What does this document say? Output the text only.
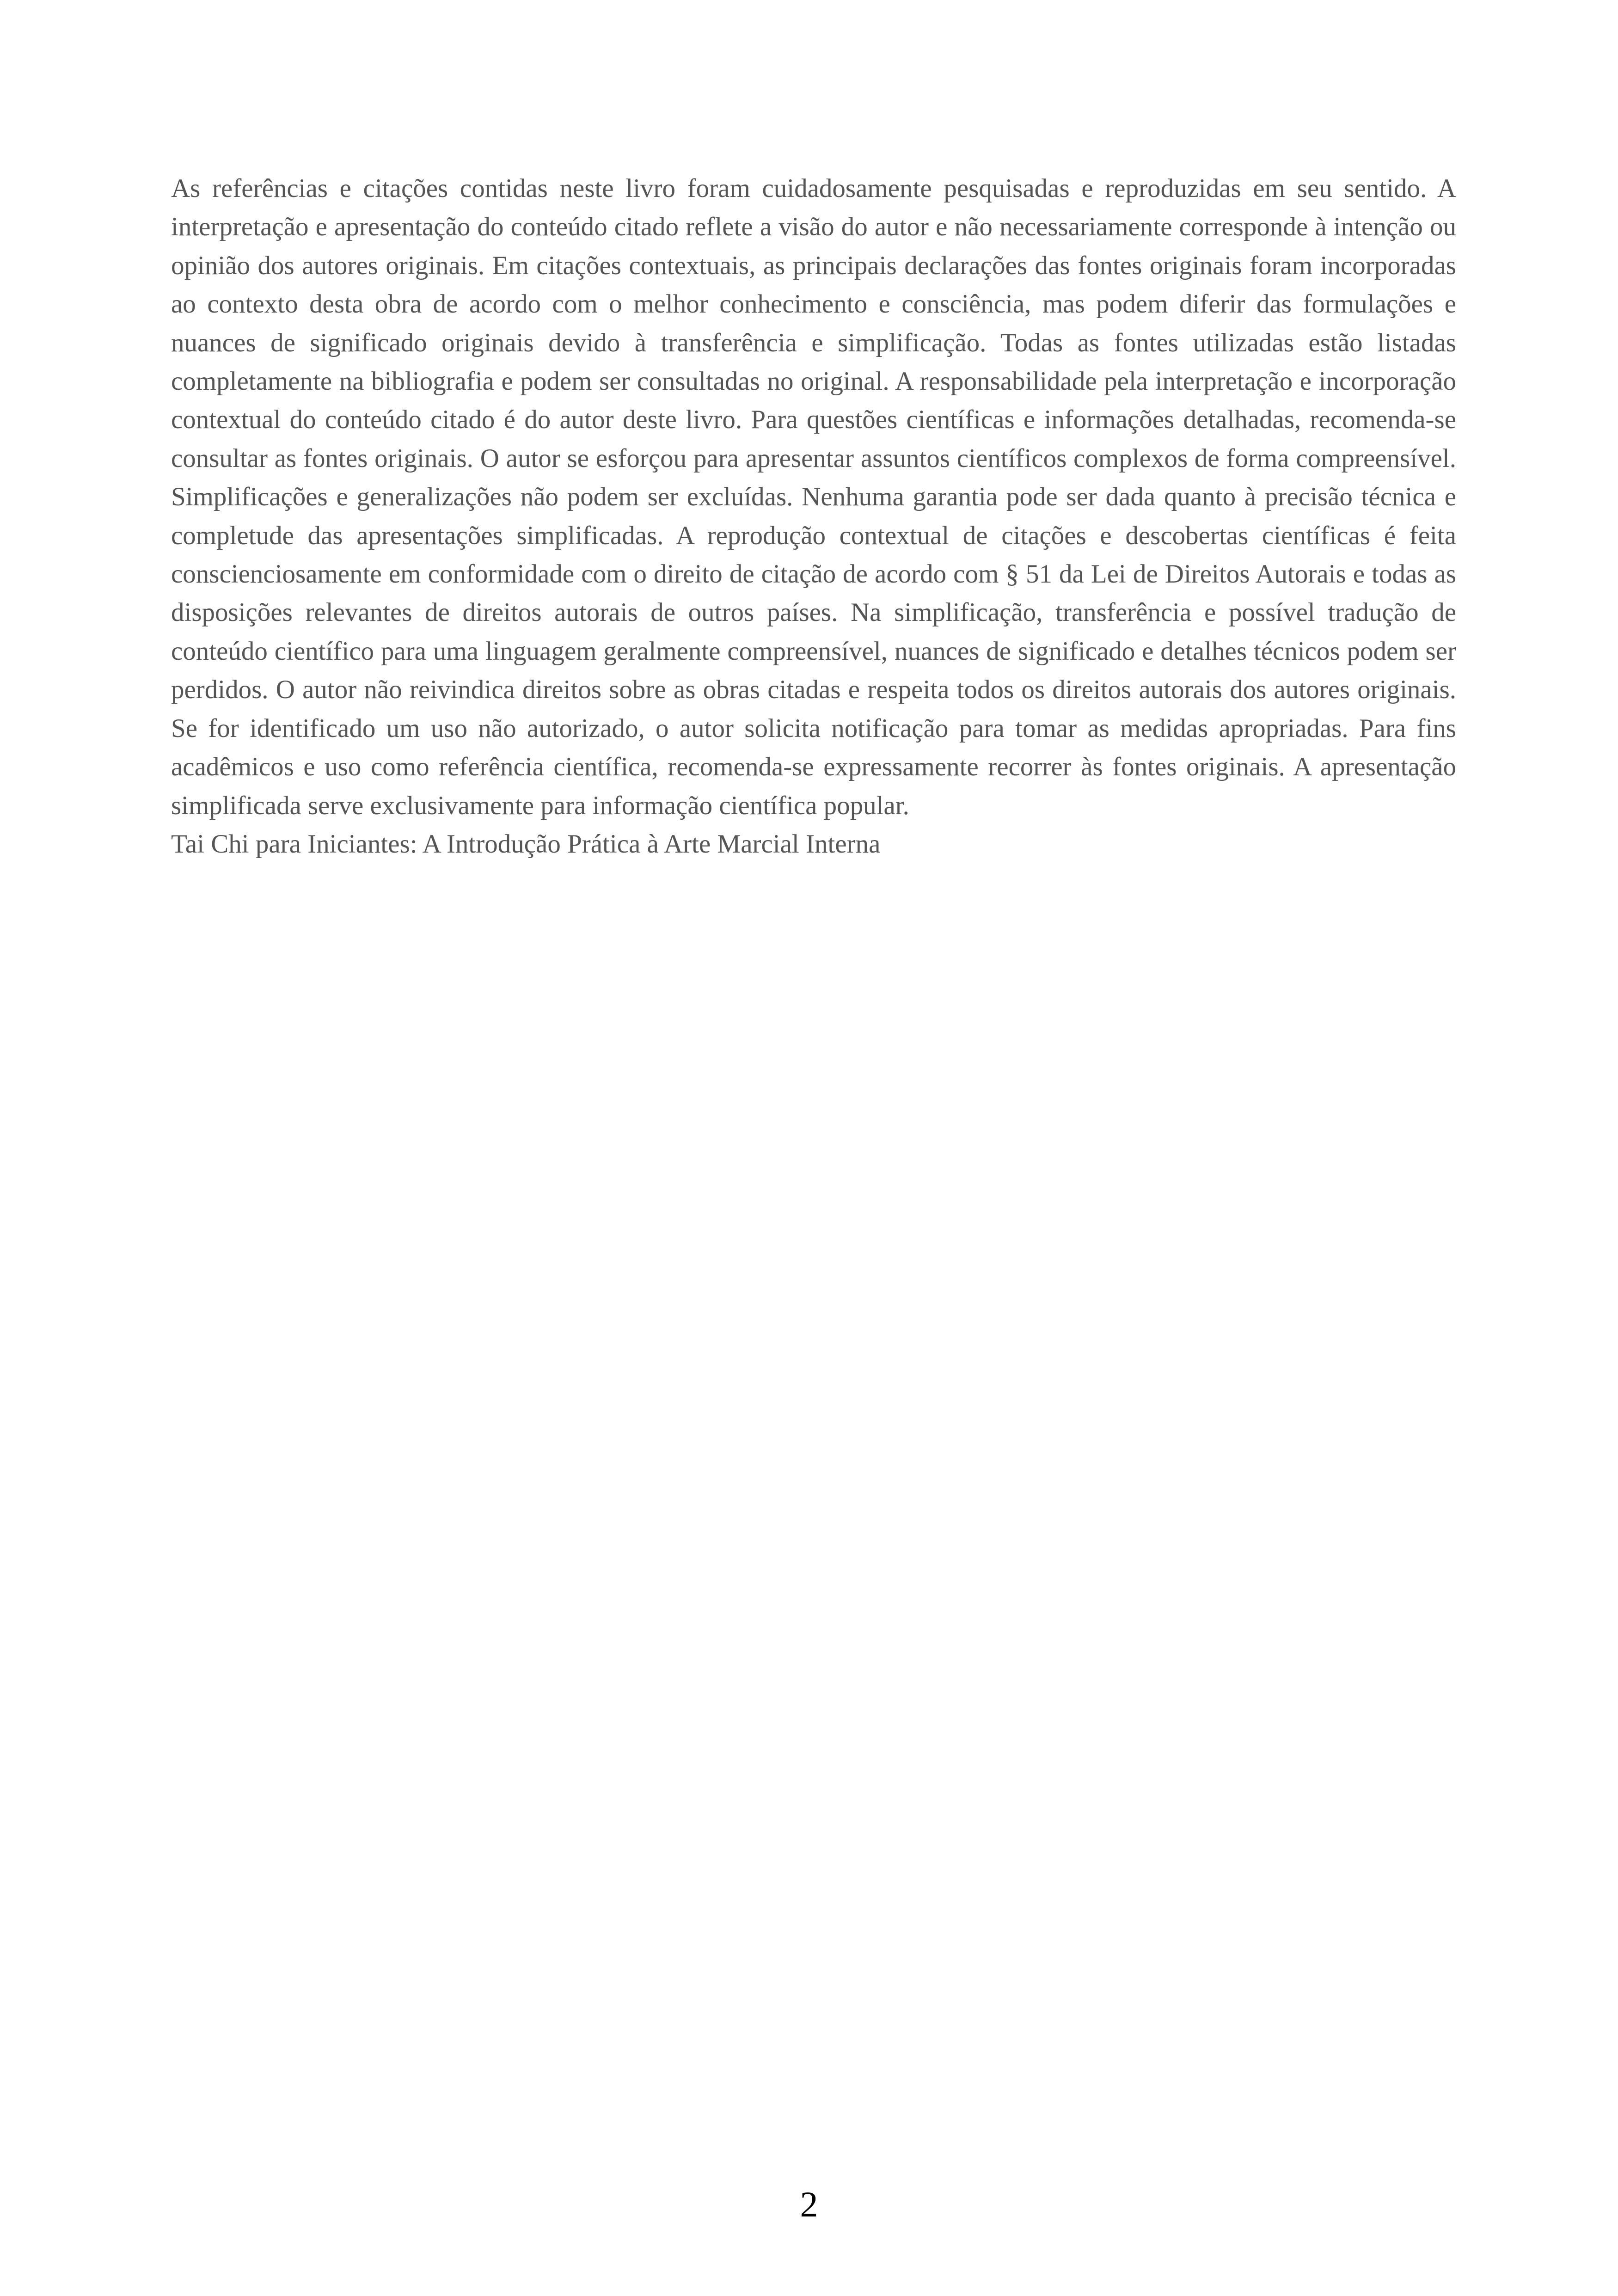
As referências e citações contidas neste livro foram cuidadosamente pesquisadas e reproduzidas em seu sentido. A interpretação e apresentação do conteúdo citado reflete a visão do autor e não necessariamente corresponde à intenção ou opinião dos autores originais. Em citações contextuais, as principais declarações das fontes originais foram incorporadas ao contexto desta obra de acordo com o melhor conhecimento e consciência, mas podem diferir das formulações e nuances de significado originais devido à transferência e simplificação. Todas as fontes utilizadas estão listadas completamente na bibliografia e podem ser consultadas no original. A responsabilidade pela interpretação e incorporação contextual do conteúdo citado é do autor deste livro. Para questões científicas e informações detalhadas, recomenda-se consultar as fontes originais. O autor se esforçou para apresentar assuntos científicos complexos de forma compreensível. Simplificações e generalizações não podem ser excluídas. Nenhuma garantia pode ser dada quanto à precisão técnica e completude das apresentações simplificadas. A reprodução contextual de citações e descobertas científicas é feita conscienciosamente em conformidade com o direito de citação de acordo com § 51 da Lei de Direitos Autorais e todas as disposições relevantes de direitos autorais de outros países. Na simplificação, transferência e possível tradução de conteúdo científico para uma linguagem geralmente compreensível, nuances de significado e detalhes técnicos podem ser perdidos. O autor não reivindica direitos sobre as obras citadas e respeita todos os direitos autorais dos autores originais. Se for identificado um uso não autorizado, o autor solicita notificação para tomar as medidas apropriadas. Para fins acadêmicos e uso como referência científica, recomenda-se expressamente recorrer às fontes originais. A apresentação simplificada serve exclusivamente para informação científica popular.

Tai Chi para Iniciantes: A Introdução Prática à Arte Marcial Interna

2
